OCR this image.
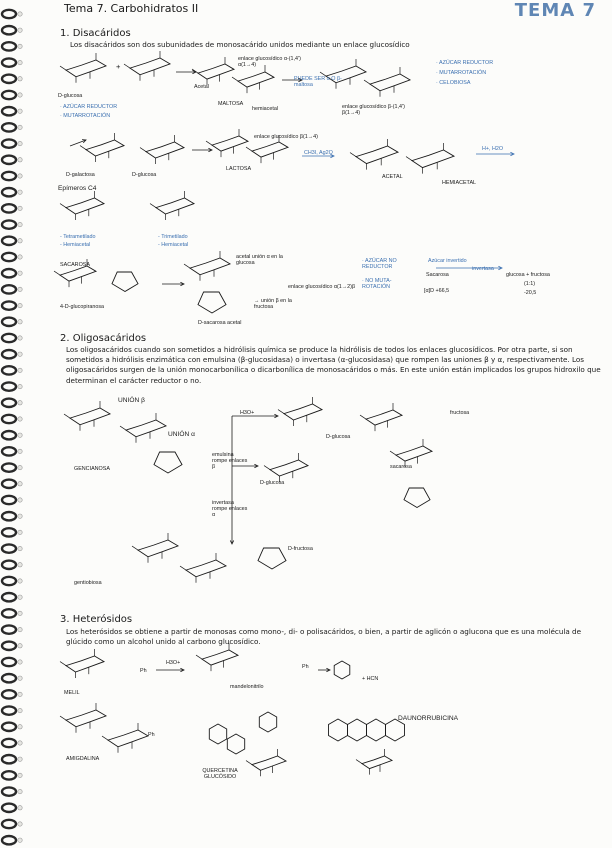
Tema 7. Carbohidratos II	TEMA 7
1. Disacáridos
Los disacáridos son dos subunidades de monosacárido unidos mediante un enlace glucosídico
D-glucosa
+
enlace glucosídico α-(1,4') α(1→4)
Acetal
MALTOSA
hemiacetal
PUEDE SER α O β-maltosa
enlace glucosídico β-(1,4') β(1→4)
· AZÚCAR REDUCTOR
· MUTARROTACIÓN
· CELOBIOSA
· AZÚCAR REDUCTOR
· MUTARROTACIÓN
D-galactosa	D-glucosa
enlace glucosídico β(1→4)
LACTOSA
CH3I, Ag2O
ACETAL
HEMIACETAL
H+, H2O
Epímeros C4
- Tetrametilado
- Hemiacetal
- Trimetilado
- Hemiacetal
SACAROSA
4-D-glucopiranosa
acetal unión α en la glucosa
enlace glucosídico α(1→2)β
→ unión β en la fructosa
D-sacarosa acetal
· AZÚCAR NO REDUCTOR
· NO MUTA-ROTACIÓN
Azúcar invertido
invertasa
Sacarosa	glucosa + fructosa
(1:1)
[α]D +66,5	-20,5
2. Oligosacáridos
Los oligosacáridos cuando son sometidos a hidrólisis química se produce la hidrólisis de todos los enlaces glucosídicos. Por otra parte, si son sometidos a hidrólisis enzimática con emulsina (β-glucosidasa) o invertasa (α-glucosidasa) que rompen las uniones β y α, respectivamente. Los oligosacáridos surgen de la unión monocarbonílica o dicarbonílica de monosacáridos o más. En este unión están implicados los grupos hidroxilo que determinan el carácter reductor o no.
UNIÓN β
UNIÓN α
H3O+
GENCIANOSA
D-glucosa
fructosa
emulsina rompe enlaces β
D-glucosa
sacarosa
invertasa rompe enlaces α
gentiobiosa
D-fructosa
3. Heterósidos
Los heterósidos se obtiene a partir de monosas como mono-, di- o polisacáridos, o bien, a partir de aglicón o aglucona que es una molécula de glúcido como un alcohol unido al carbono glucosídico.
H3O+
MELIL
Ph
Ph
mandelonitrilo
+ HCN
AMIGDALINA
QUERCETINA GLUCÓSIDO
DAUNORRUBICINA
Ph
